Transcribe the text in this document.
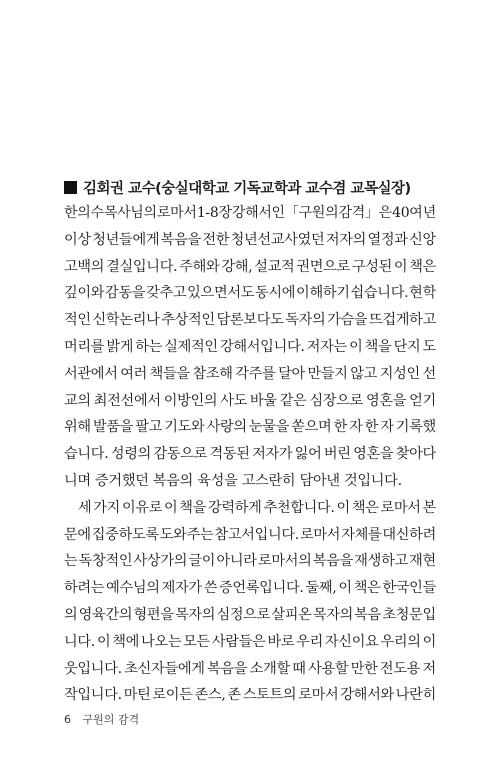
김회권 교수(숭실대학교 기독교학과 교수겸 교목실장)
한의수 목사님의 로마서 1-8장 강해서인 「구원의 감격」은 40여 년
이상 청년들에게 복음을 전한 청년선교사였던 저자의 열정과 신앙
고백의 결실입니다. 주해와 강해, 설교적 권면으로 구성된 이 책은
깊이와 감동을 갖추고 있으면서도 동시에 이해하기 쉽습니다. 현학
적인 신학논리나 추상적인 담론보다도 독자의 가슴을 뜨겁게하고
머리를 밝게 하는 실제적인 강해서입니다. 저자는 이 책을 단지 도
서관에서 여러 책들을 참조해 각주를 달아 만들지 않고 지성인 선
교의 최전선에서 이방인의 사도 바울 같은 심장으로 영혼을 얻기
위해 발품을 팔고 기도와 사랑의 눈물을 쏟으며 한 자 한 자 기록했
습니다. 성령의 감동으로 격동된 저자가 잃어 버린 영혼을 찾아다
니며 증거했던 복음의 육성을 고스란히 담아낸 것입니다.
세 가지 이유로 이 책을 강력하게 추천합니다. 이 책은 로마서 본
문에 집중하도록 도와주는 참고서입니다. 로마서 자체를 대신하려
는 독창적인 사상가의 글이 아니라 로마서의 복음을 재생하고 재현
하려는 예수님의 제자가 쓴 증언록입니다. 둘째, 이 책은 한국인들
의 영육간의 형편을 목자의 심정으로 살피온 목자의 복음 초청문입
니다. 이 책에 나오는 모든 사람들은 바로 우리 자신이요 우리의 이
웃입니다. 초신자들에게 복음을 소개할 때 사용할 만한 전도용 저
작입니다. 마틴 로이든 존스, 존 스토트의 로마서 강해서와 나란히
6 구원의 감격
